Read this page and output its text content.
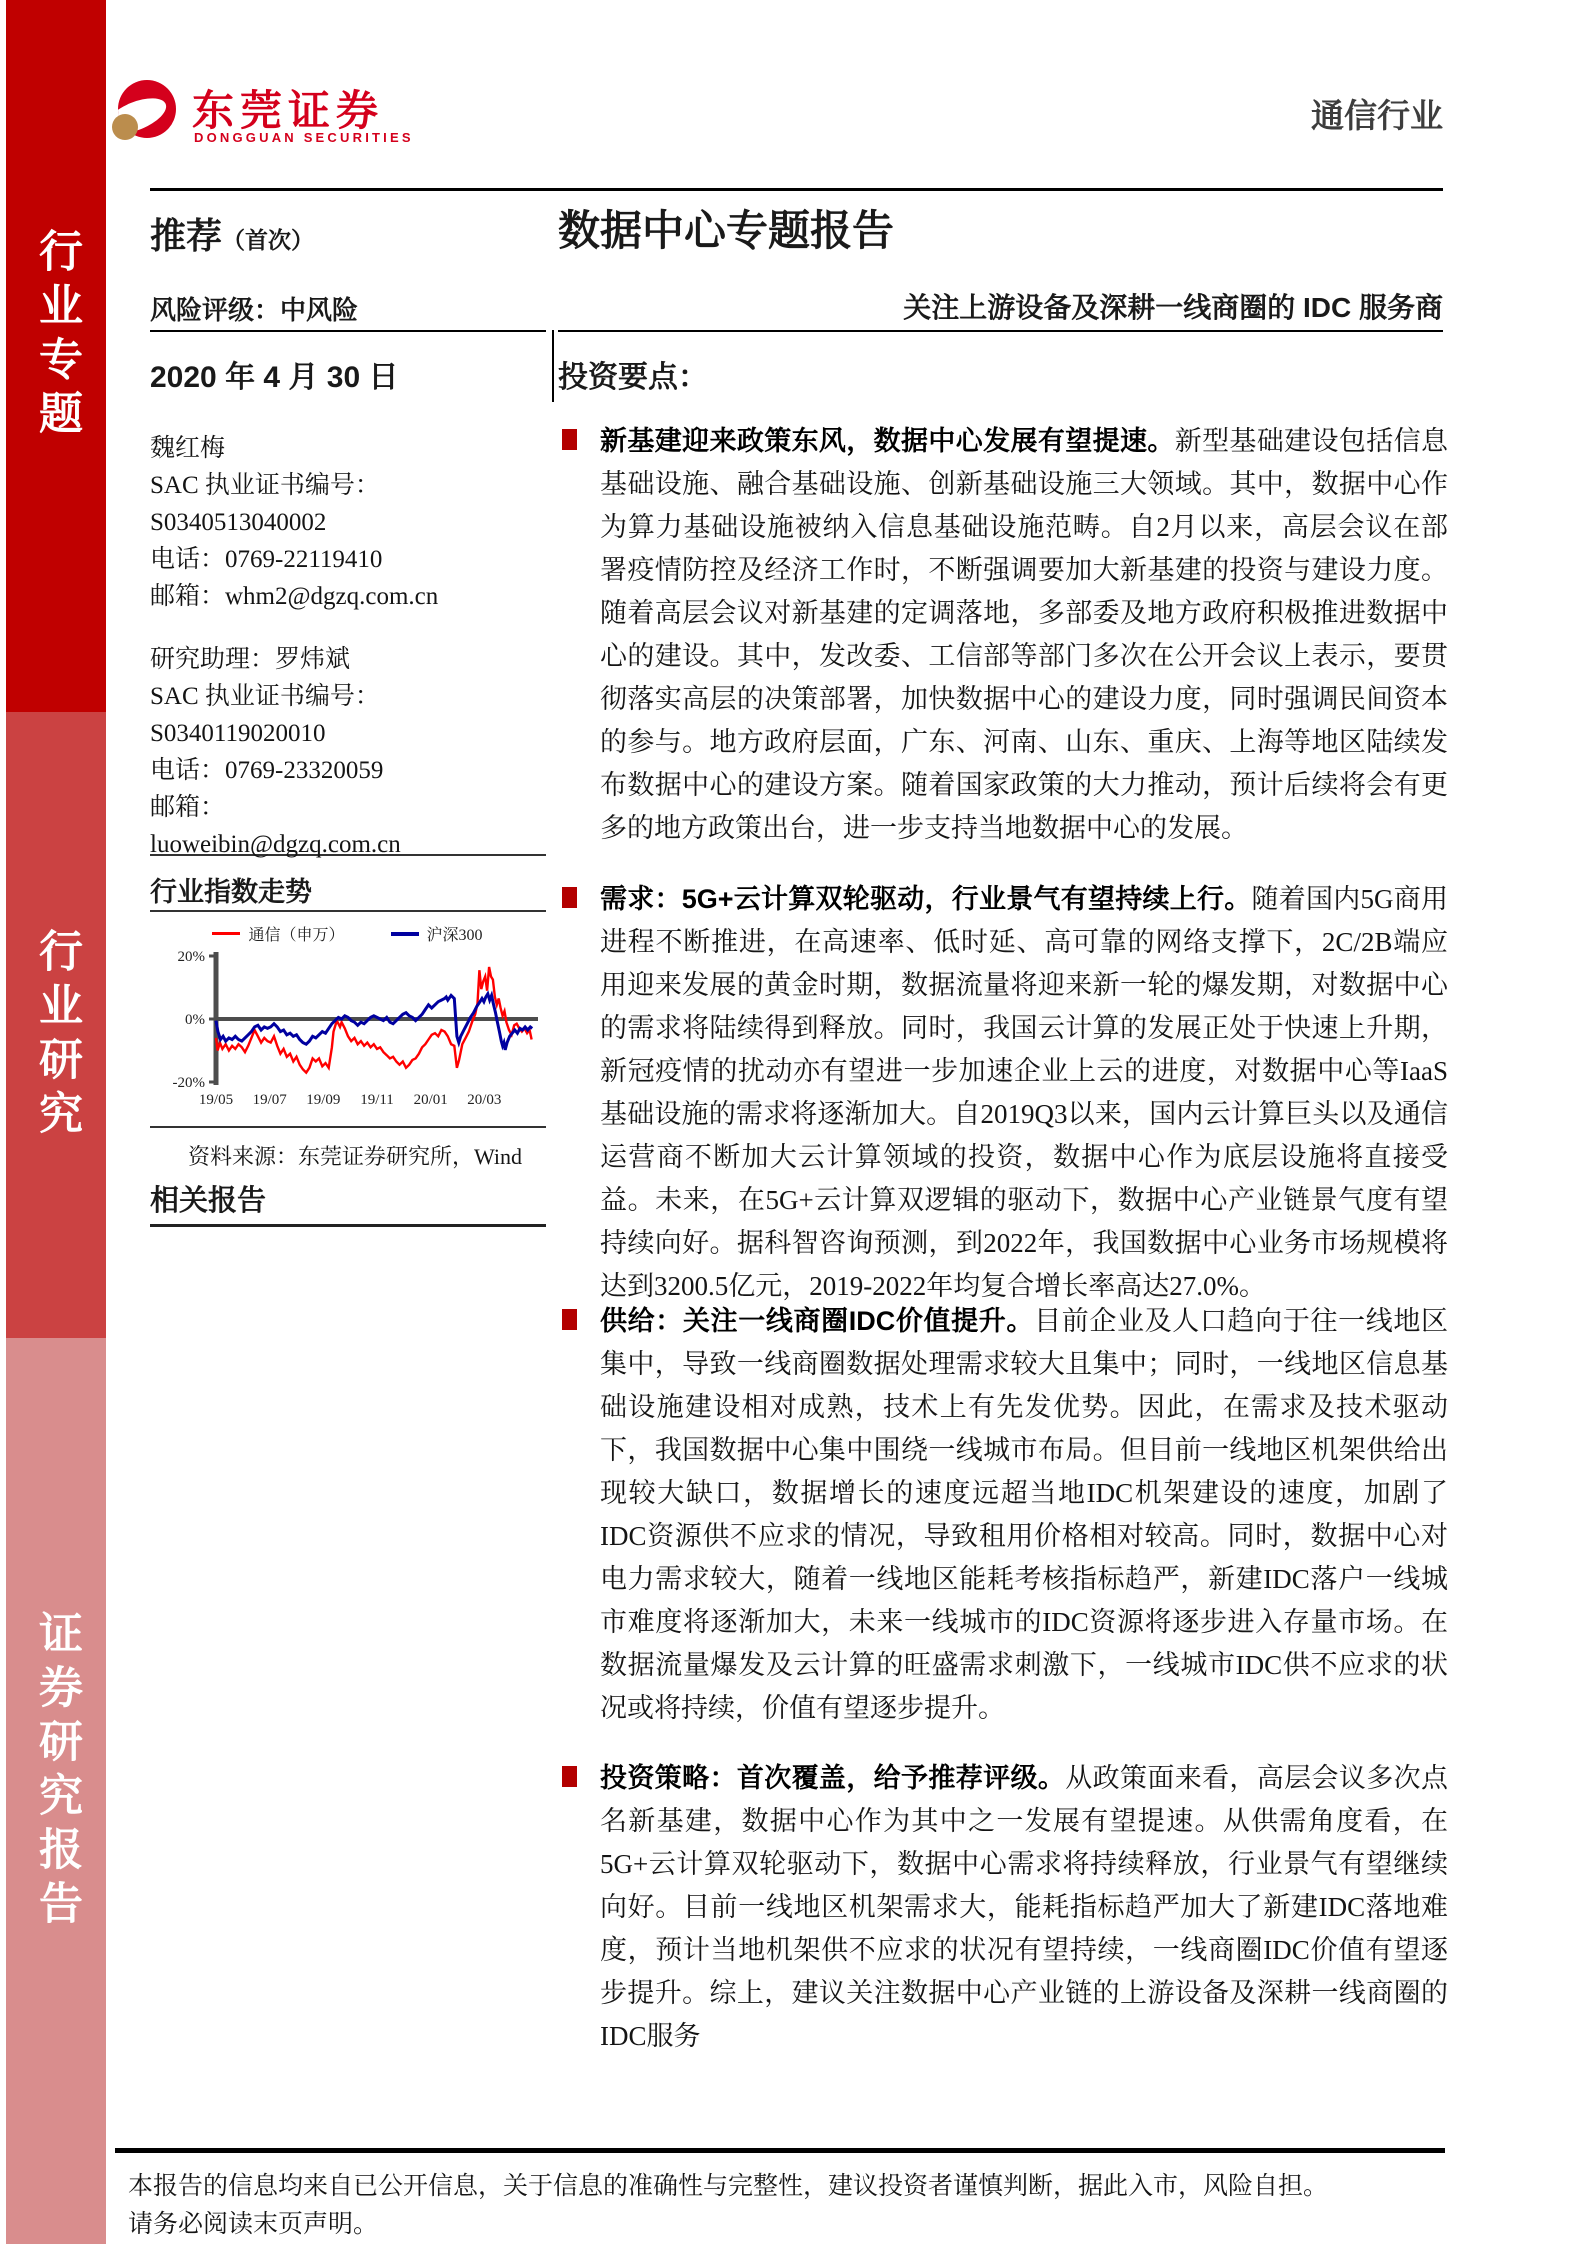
行业专题
行业研究
证券研究报告
东莞证券
DONGGUAN SECURITIES
通信行业
推荐（首次）
风险评级：中风险
2020 年 4 月 30 日
魏红梅
SAC 执业证书编号：
S0340513040002
电话：0769-22119410
邮箱：whm2@dgzq.com.cn
研究助理：罗炜斌
SAC 执业证书编号：
S0340119020010
电话：0769-23320059
邮箱：
luoweibin@dgzq.com.cn
行业指数走势
通信（申万）	沪深300
20%
0%
-20%
19/05 19/07 19/09 19/11 20/01 20/03
资料来源：东莞证券研究所，Wind
相关报告
数据中心专题报告
关注上游设备及深耕一线商圈的 IDC 服务商
投资要点：

新基建迎来政策东风，数据中心发展有望提速。新型基础建设包括信息基础设施、融合基础设施、创新基础设施三大领域。其中，数据中心作为算力基础设施被纳入信息基础设施范畴。自2月以来，高层会议在部署疫情防控及经济工作时，不断强调要加大新基建的投资与建设力度。随着高层会议对新基建的定调落地，多部委及地方政府积极推进数据中心的建设。其中，发改委、工信部等部门多次在公开会议上表示，要贯彻落实高层的决策部署，加快数据中心的建设力度，同时强调民间资本的参与。地方政府层面，广东、河南、山东、重庆、上海等地区陆续发布数据中心的建设方案。随着国家政策的大力推动，预计后续将会有更多的地方政策出台，进一步支持当地数据中心的发展。

需求：5G+云计算双轮驱动，行业景气有望持续上行。随着国内5G商用进程不断推进，在高速率、低时延、高可靠的网络支撑下，2C/2B端应用迎来发展的黄金时期，数据流量将迎来新一轮的爆发期，对数据中心的需求将陆续得到释放。同时，我国云计算的发展正处于快速上升期，新冠疫情的扰动亦有望进一步加速企业上云的进度，对数据中心等IaaS基础设施的需求将逐渐加大。自2019Q3以来，国内云计算巨头以及通信运营商不断加大云计算领域的投资，数据中心作为底层设施将直接受益。未来，在5G+云计算双逻辑的驱动下，数据中心产业链景气度有望持续向好。据科智咨询预测，到2022年，我国数据中心业务市场规模将达到3200.5亿元，2019-2022年均复合增长率高达27.0%。

供给：关注一线商圈IDC价值提升。目前企业及人口趋向于往一线地区集中，导致一线商圈数据处理需求较大且集中；同时，一线地区信息基础设施建设相对成熟，技术上有先发优势。因此，在需求及技术驱动下，我国数据中心集中围绕一线城市布局。但目前一线地区机架供给出现较大缺口，数据增长的速度远超当地IDC机架建设的速度，加剧了IDC资源供不应求的情况，导致租用价格相对较高。同时，数据中心对电力需求较大，随着一线地区能耗考核指标趋严，新建IDC落户一线城市难度将逐渐加大，未来一线城市的IDC资源将逐步进入存量市场。在数据流量爆发及云计算的旺盛需求刺激下，一线城市IDC供不应求的状况或将持续，价值有望逐步提升。

投资策略：首次覆盖，给予推荐评级。从政策面来看，高层会议多次点名新基建，数据中心作为其中之一发展有望提速。从供需角度看，在5G+云计算双轮驱动下，数据中心需求将持续释放，行业景气有望继续向好。目前一线地区机架需求大，能耗指标趋严加大了新建IDC落地难度，预计当地机架供不应求的状况有望持续，一线商圈IDC价值有望逐步提升。综上，建议关注数据中心产业链的上游设备及深耕一线商圈的IDC服务

本报告的信息均来自已公开信息，关于信息的准确性与完整性，建议投资者谨慎判断，据此入市，风险自担。
请务必阅读末页声明。
